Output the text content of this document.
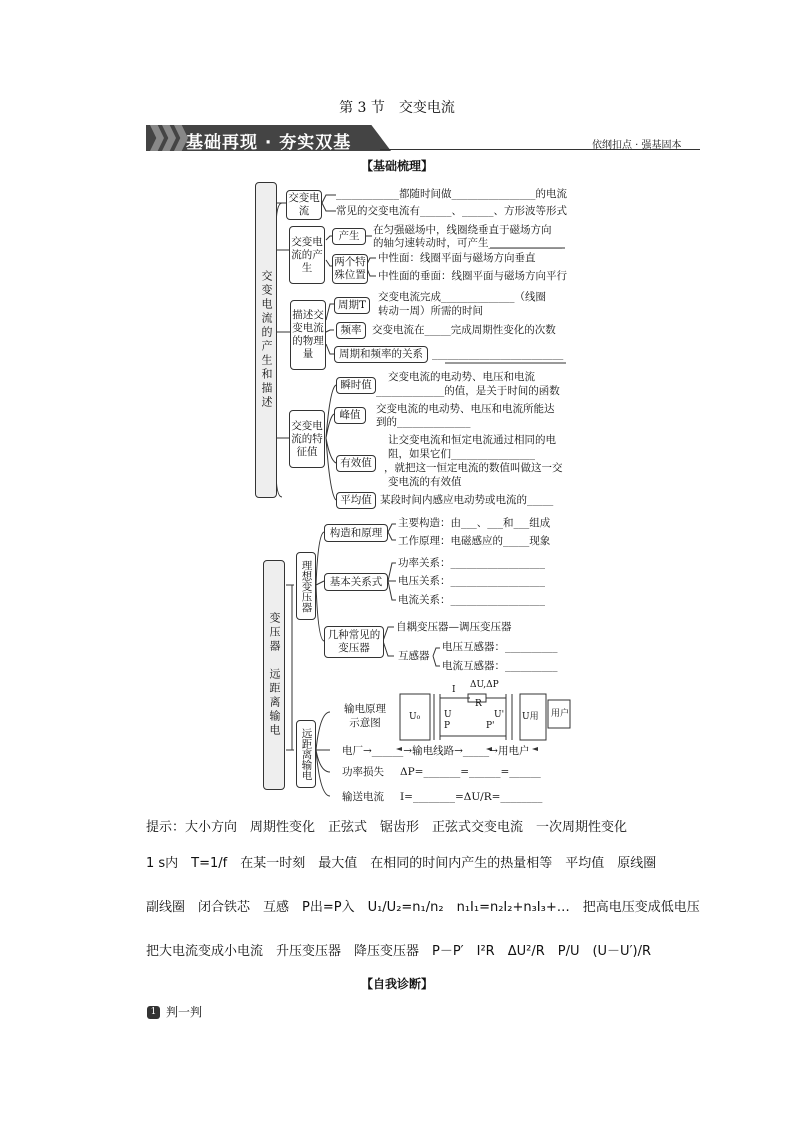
第 3 节　交变电流
基础再现 · 夯实双基	依纲扣点 · 强基固本
【基础梳理】
交变电流的产生和描述
交变电流
____________都随时间做________________的电流
常见的交变电流有______、______、方形波等形式
交变电流的产生
产生	在匀强磁场中，线圈绕垂直于磁场方向
的轴匀速转动时，可产生______________
两个特殊位置
中性面：线圈平面与磁场方向垂直
中性面的垂面：线圈平面与磁场方向平行
描述交变电流的物理量
周期T
交变电流完成______________（线圈
转动一周）所需的时间
频率	交变电流在_____完成周期性变化的次数
周期和频率的关系 _________________________
交变电流的特征值
瞬时值
交变电流的电动势、电压和电流
_____________的值，是关于时间的函数
峰值	交变电流的电动势、电压和电流所能达
到的______________
有效值
让交变电流和恒定电流通过相同的电
阻，如果它们________________
，就把这一恒定电流的数值叫做这一交
变电流的有效值
平均值 某段时间内感应电动势或电流的_____
变压器　远距离输电
理想变压器
构造和原理
主要构造：由___、___和___组成
工作原理：电磁感应的_____现象
基本关系式
功率关系：__________________
电压关系：__________________
电流关系：__________________
几种常见的变压器
自耦变压器—调压变压器
互感器
电压互感器：__________
电流互感器：__________
远距离输电
输电原理示意图
电厂→______→输电线路→_____→用电户
功率损失 ΔP=_______=______=______
输送电流 I=________=ΔU/R=________
I ΔU,ΔP
R
U₀	U
P
U'
P'
U用 用户
提示：大小方向　周期性变化　正弦式　锯齿形　正弦式交变电流　一次周期性变化
1 s内　T=1/f　在某一时刻　最大值　在相同的时间内产生的热量相等　平均值　原线圈
副线圈　闭合铁芯　互感　P出=P入　U₁/U₂=n₁/n₂　n₁I₁=n₂I₂+n₃I₃+…　把高电压变成低电压
把大电流变成小电流　升压变压器　降压变压器　P－P′　I²R　ΔU²/R　P/U　(U－U′)/R
【自我诊断】
1 判一判
